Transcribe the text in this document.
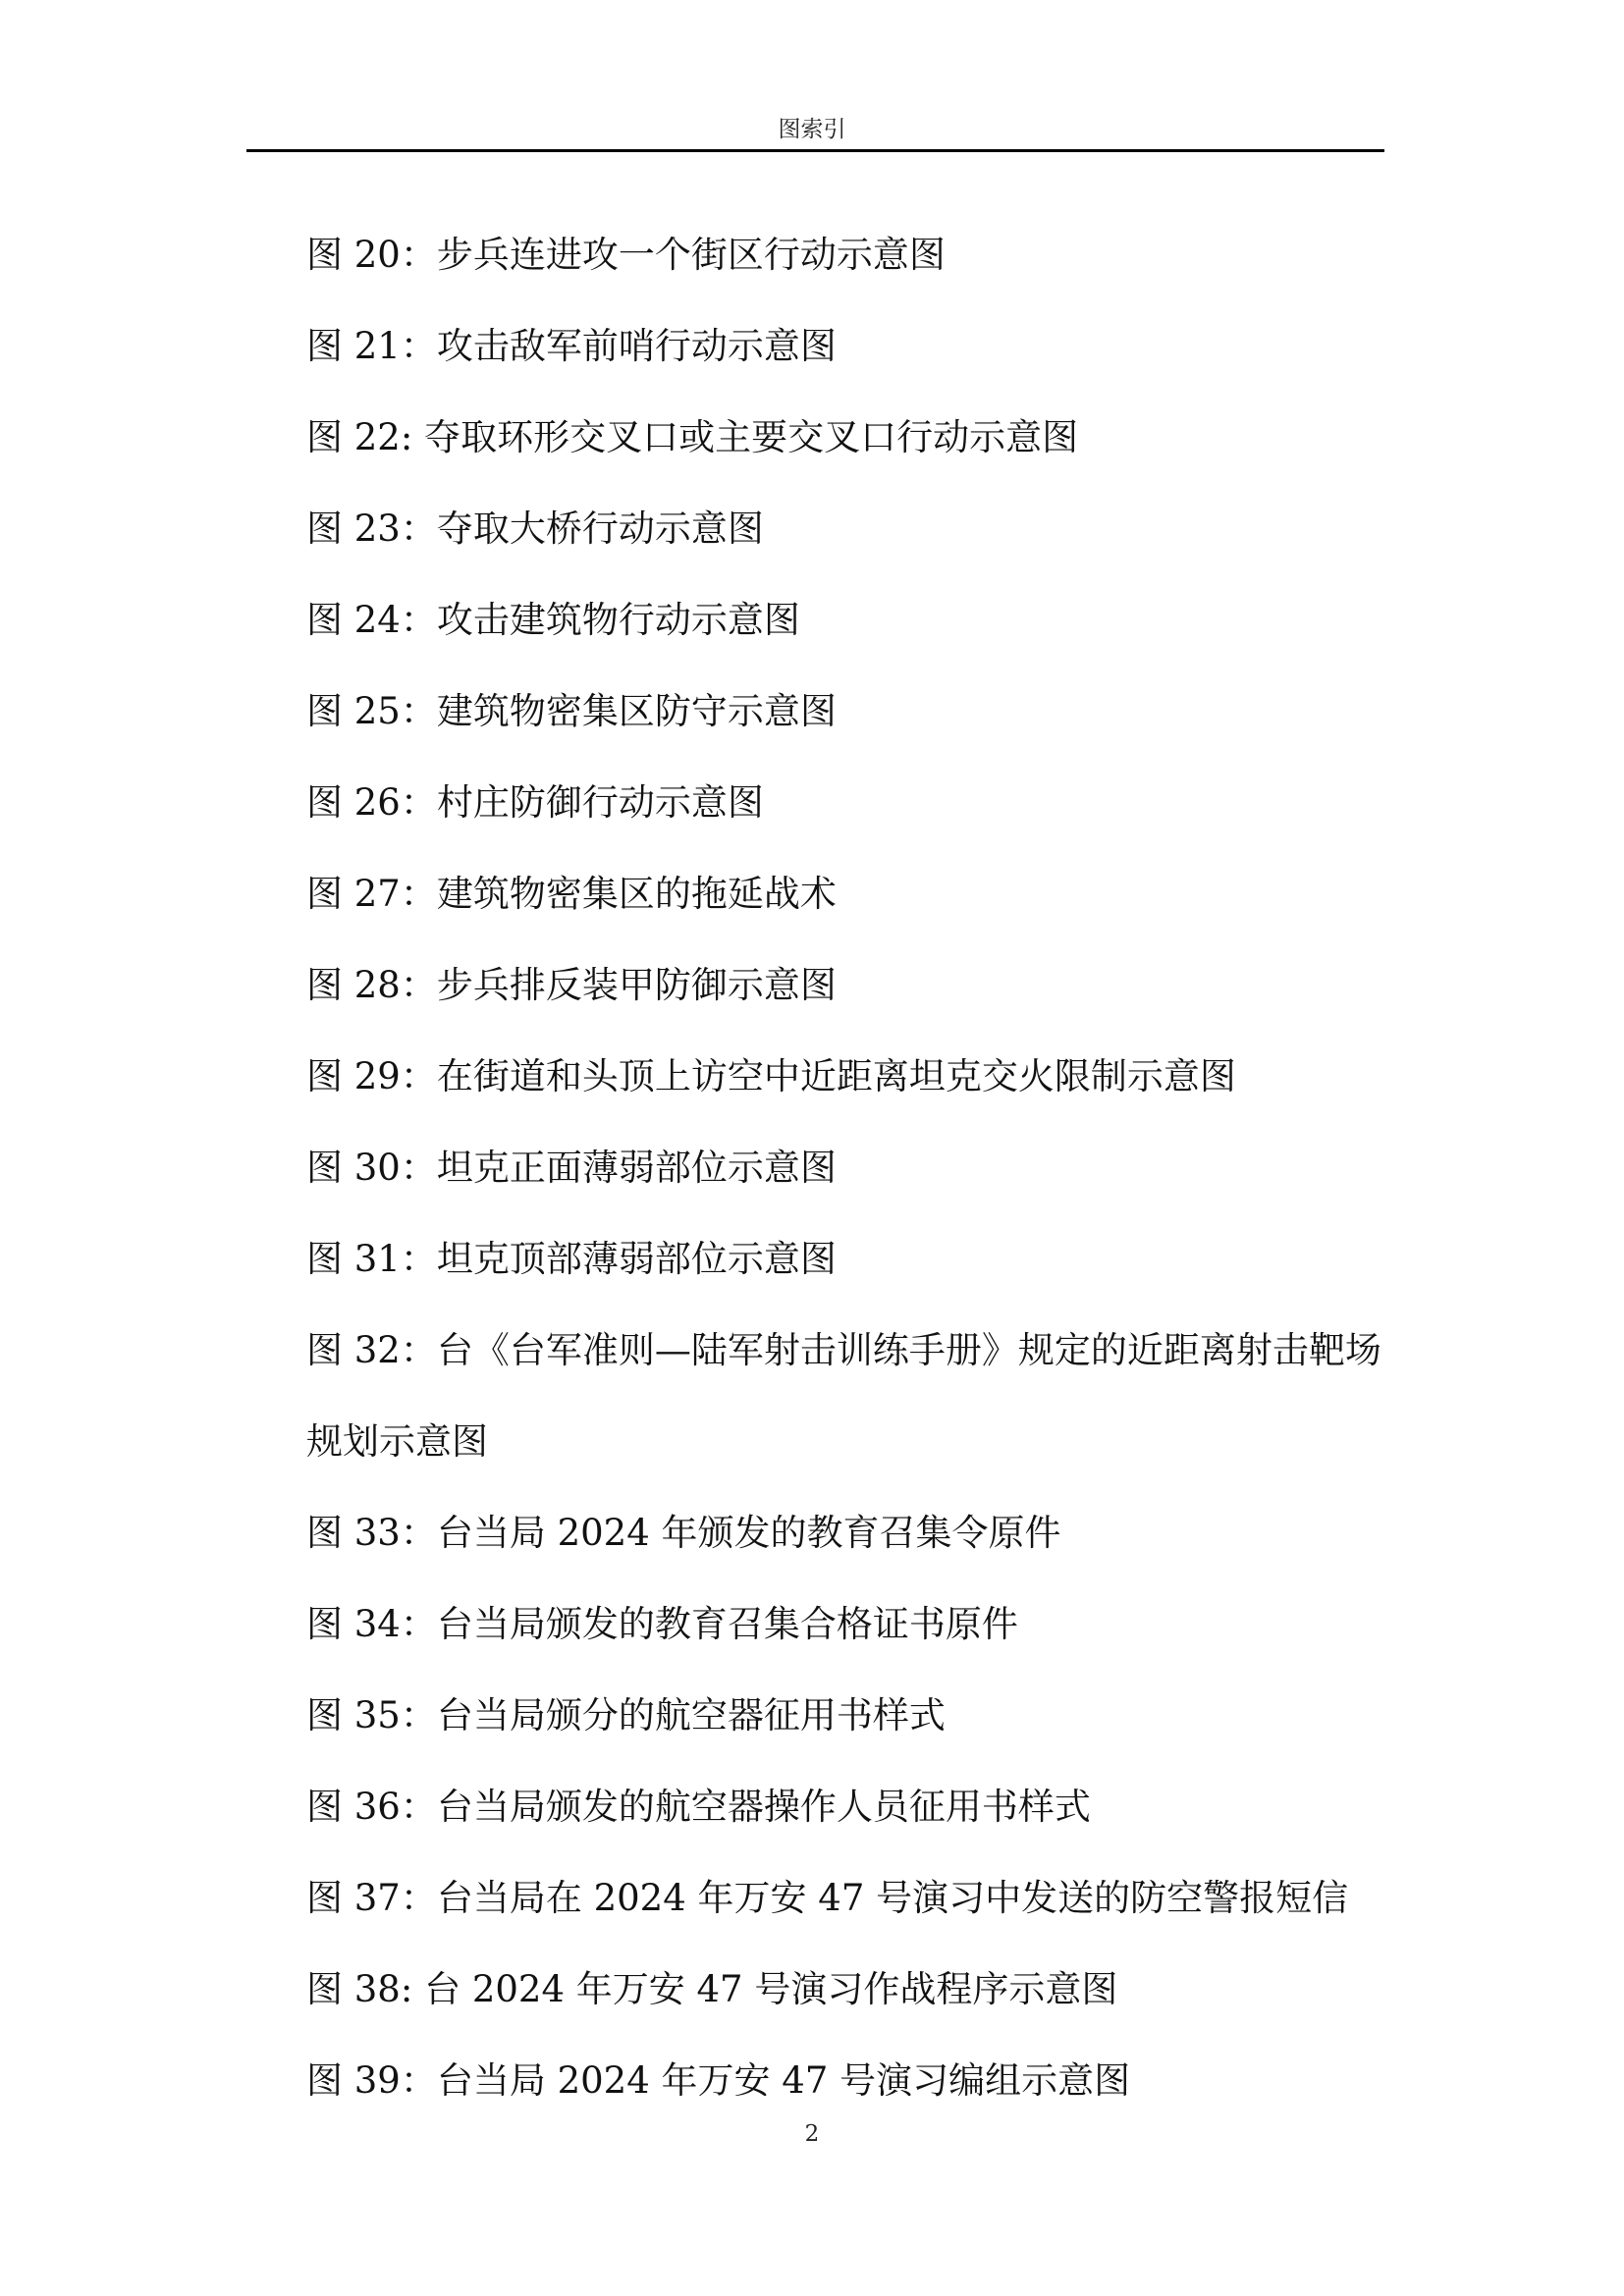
图索引
图 20：步兵连进攻一个街区行动示意图
图 21：攻击敌军前哨行动示意图
图 22: 夺取环形交叉口或主要交叉口行动示意图
图 23：夺取大桥行动示意图
图 24：攻击建筑物行动示意图
图 25：建筑物密集区防守示意图
图 26：村庄防御行动示意图
图 27：建筑物密集区的拖延战术
图 28：步兵排反装甲防御示意图
图 29：在街道和头顶上访空中近距离坦克交火限制示意图
图 30：坦克正面薄弱部位示意图
图 31：坦克顶部薄弱部位示意图
图 32：台《台军准则—陆军射击训练手册》规定的近距离射击靶场规划示意图
图 33：台当局 2024 年颁发的教育召集令原件
图 34：台当局颁发的教育召集合格证书原件
图 35：台当局颁分的航空器征用书样式
图 36：台当局颁发的航空器操作人员征用书样式
图 37：台当局在 2024 年万安 47 号演习中发送的防空警报短信
图 38: 台 2024 年万安 47 号演习作战程序示意图
图 39：台当局 2024 年万安 47 号演习编组示意图
2
